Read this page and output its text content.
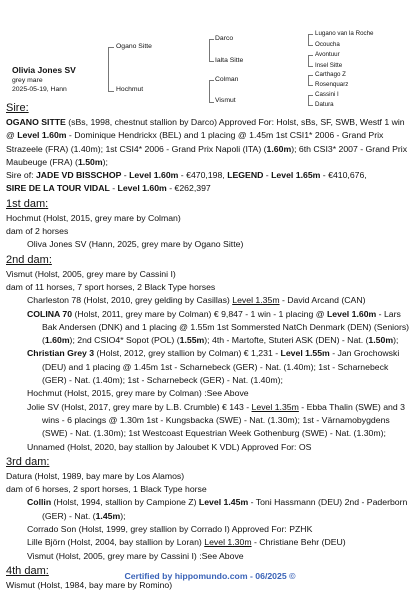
Olivia Jones SV
grey mare
2025-05-19, Hann
Ogano Sitte
Hochmut
Darco
Ialta Sitte
Colman
Vismut
Lugano van la Roche
Ocoucha
Avontuur
Insel Sitte
Carthago Z
Rosenquarz
Cassini I
Datura
Sire:
OGANO SITTE (sBs, 1998, chestnut stallion by Darco) Approved For: Holst, sBs, SF, SWB, Westf 1 win @ Level 1.60m - Dominique Hendrickx (BEL) and 1 placing @ 1.45m 1st CSI1* 2006 - Grand Prix Strazeele (FRA) (1.40m); 1st CSI4* 2006 - Grand Prix Napoli (ITA) (1.60m); 6th CSI3* 2007 - Grand Prix Maubeuge (FRA) (1.50m);
Sire of: JADE VD BISSCHOP - Level 1.60m - €470,198, LEGEND - Level 1.65m - €410,676,
SIRE DE LA TOUR VIDAL - Level 1.60m - €262,397
1st dam:
Hochmut (Holst, 2015, grey mare by Colman)
dam of 2 horses
Oliva Jones SV (Hann, 2025, grey mare by Ogano Sitte)
2nd dam:
Vismut (Holst, 2005, grey mare by Cassini I)
dam of 11 horses, 7 sport horses, 2 Black Type horses
Charleston 78 (Holst, 2010, grey gelding by Casillas) Level 1.35m - David Arcand (CAN)
COLINA 70 (Holst, 2011, grey mare by Colman) € 9,847 - 1 win - 1 placing @ Level 1.60m - Lars Bak Andersen (DNK) and 1 placing @ 1.55m 1st Sommersted NatCh Denmark (DEN) (Seniors) (1.60m); 2nd CSIO4* Sopot (POL) (1.55m); 4th - Martofte, Stuteri ASK (DEN) - Nat. (1.50m);
Christian Grey 3 (Holst, 2012, grey stallion by Colman) € 1,231 - Level 1.55m - Jan Grochowski (DEU) and 1 placing @ 1.45m 1st - Scharnebeck (GER) - Nat. (1.40m); 1st - Scharnebeck (GER) - Nat. (1.40m); 1st - Scharnebeck (GER) - Nat. (1.40m);
Hochmut (Holst, 2015, grey mare by Colman) :See Above
Jolie SV (Holst, 2017, grey mare by L.B. Crumble) € 143 - Level 1.35m - Ebba Thalin (SWE) and 3 wins - 6 placings @ 1.30m 1st - Kungsbacka (SWE) - Nat. (1.30m); 1st - Värnamobygdens (SWE) - Nat. (1.30m); 1st Westcoast Equestrian Week Gothenburg (SWE) - Nat. (1.30m);
Unnamed (Holst, 2020, bay stallion by Jaloubet K VDL) Approved For: OS
3rd dam:
Datura (Holst, 1989, bay mare by Los Alamos)
dam of 6 horses, 2 sport horses, 1 Black Type horse
Collin (Holst, 1994, stallion by Campione Z) Level 1.45m - Toni Hassmann (DEU) 2nd - Paderborn (GER) - Nat. (1.45m);
Corrado Son (Holst, 1999, grey stallion by Corrado I) Approved For: PZHK
Lille Björn (Holst, 2004, bay stallion by Loran) Level 1.30m - Christiane Behr (DEU)
Vismut (Holst, 2005, grey mare by Cassini I) :See Above
4th dam:
Wismut (Holst, 1984, bay mare by Romino)
Certified by hippomundo.com - 06/2025 ©
